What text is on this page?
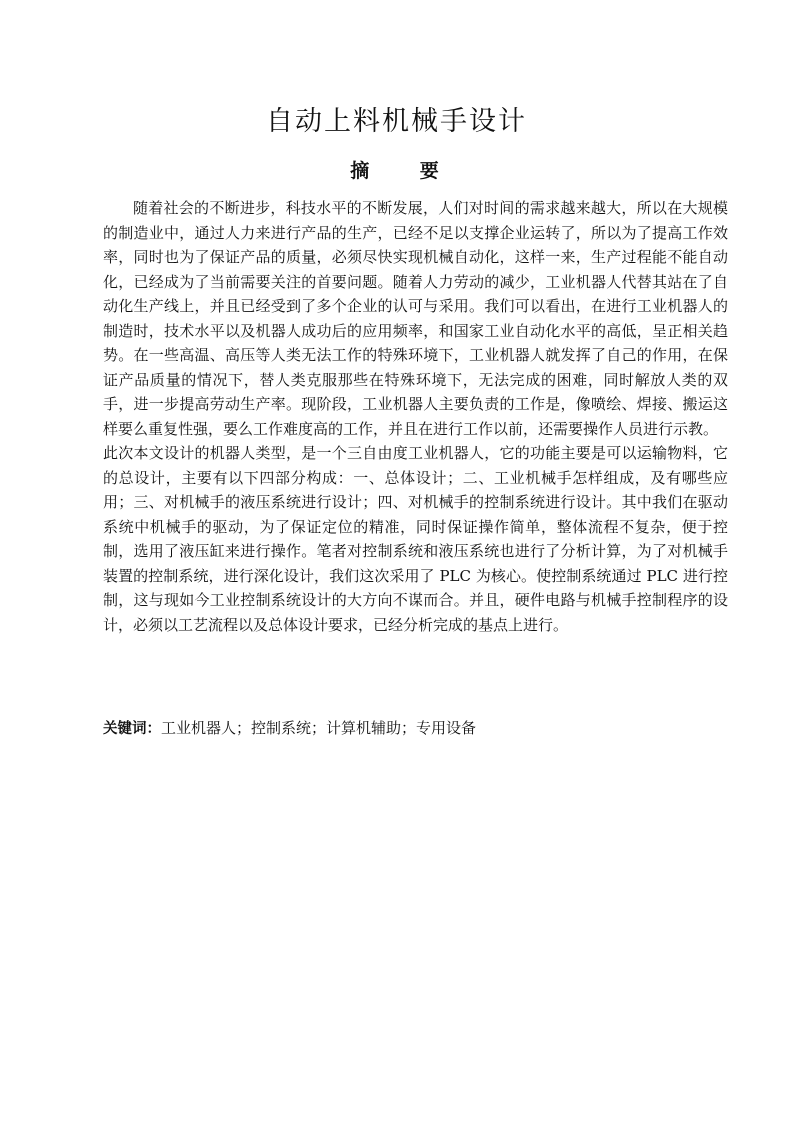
自动上料机械手设计
摘 要

随着社会的不断进步，科技水平的不断发展，人们对时间的需求越来越大，所以在大规模的制造业中，通过人力来进行产品的生产，已经不足以支撑企业运转了，所以为了提高工作效率，同时也为了保证产品的质量，必须尽快实现机械自动化，这样一来，生产过程能不能自动化，已经成为了当前需要关注的首要问题。随着人力劳动的减少，工业机器人代替其站在了自动化生产线上，并且已经受到了多个企业的认可与采用。我们可以看出，在进行工业机器人的制造时，技术水平以及机器人成功后的应用频率，和国家工业自动化水平的高低，呈正相关趋势。在一些高温、高压等人类无法工作的特殊环境下，工业机器人就发挥了自己的作用，在保证产品质量的情况下，替人类克服那些在特殊环境下，无法完成的困难，同时解放人类的双手，进一步提高劳动生产率。现阶段，工业机器人主要负责的工作是，像喷绘、焊接、搬运这样要么重复性强，要么工作难度高的工作，并且在进行工作以前，还需要操作人员进行示教。

此次本文设计的机器人类型，是一个三自由度工业机器人，它的功能主要是可以运输物料，它的总设计，主要有以下四部分构成：一、总体设计；二、工业机械手怎样组成，及有哪些应用；三、对机械手的液压系统进行设计；四、对机械手的控制系统进行设计。其中我们在驱动系统中机械手的驱动，为了保证定位的精准，同时保证操作简单，整体流程不复杂，便于控制，选用了液压缸来进行操作。笔者对控制系统和液压系统也进行了分析计算，为了对机械手装置的控制系统，进行深化设计，我们这次采用了 PLC 为核心。使控制系统通过 PLC 进行控制，这与现如今工业控制系统设计的大方向不谋而合。并且，硬件电路与机械手控制程序的设计，必须以工艺流程以及总体设计要求，已经分析完成的基点上进行。

关键词：工业机器人；控制系统；计算机辅助；专用设备
